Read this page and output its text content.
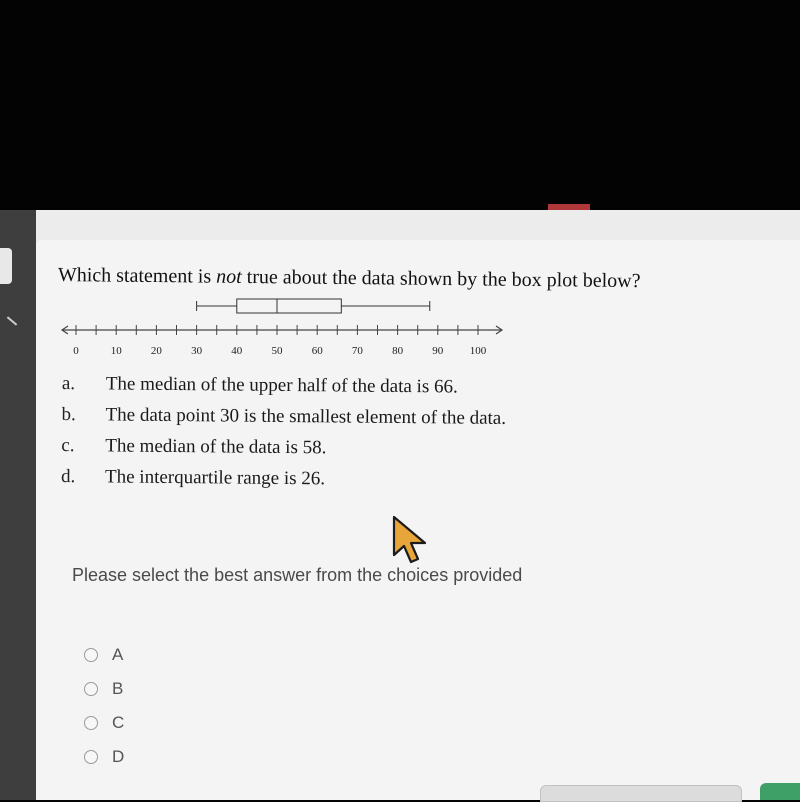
Which statement is not true about the data shown by the box plot below?
0	10	20	30	40	50	60	70	80	90 100
a.	The median of the upper half of the data is 66.
b.	The data point 30 is the smallest element of the data.
c.	The median of the data is 58.
d.	The interquartile range is 26.
Please select the best answer from the choices provided
A
B
C
D
